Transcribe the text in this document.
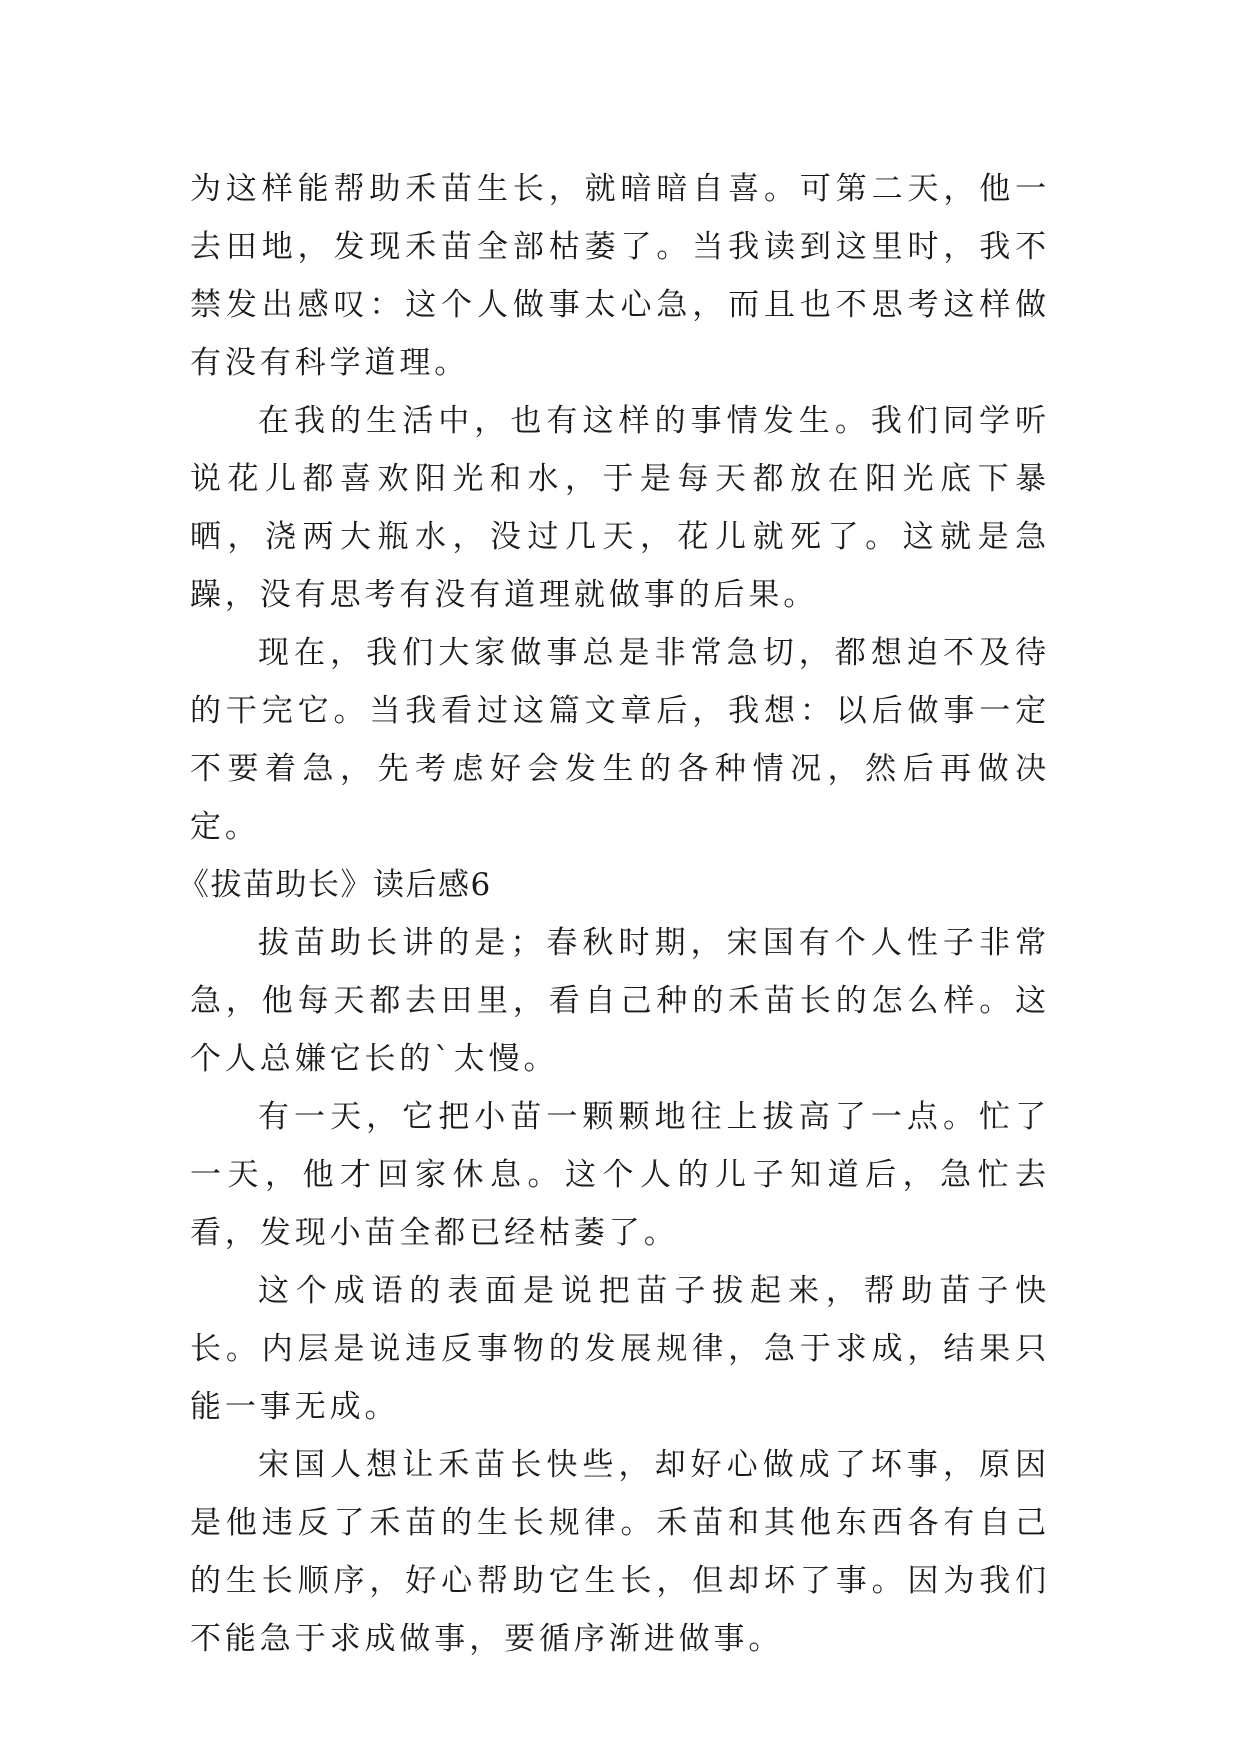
为这样能帮助禾苗生长，就暗暗自喜。可第二天，他一去田地，发现禾苗全部枯萎了。当我读到这里时，我不禁发出感叹：这个人做事太心急，而且也不思考这样做有没有科学道理。

在我的生活中，也有这样的事情发生。我们同学听说花儿都喜欢阳光和水，于是每天都放在阳光底下暴晒，浇两大瓶水，没过几天，花儿就死了。这就是急躁，没有思考有没有道理就做事的后果。

现在，我们大家做事总是非常急切，都想迫不及待的干完它。当我看过这篇文章后，我想：以后做事一定不要着急，先考虑好会发生的各种情况，然后再做决定。

《拔苗助长》读后感6

拔苗助长讲的是；春秋时期，宋国有个人性子非常急，他每天都去田里，看自己种的禾苗长的怎么样。这个人总嫌它长的`太慢。

有一天，它把小苗一颗颗地往上拔高了一点。忙了一天，他才回家休息。这个人的儿子知道后，急忙去看，发现小苗全都已经枯萎了。

这个成语的表面是说把苗子拔起来，帮助苗子快长。内层是说违反事物的发展规律，急于求成，结果只能一事无成。

宋国人想让禾苗长快些，却好心做成了坏事，原因是他违反了禾苗的生长规律。禾苗和其他东西各有自己的生长顺序，好心帮助它生长，但却坏了事。因为我们不能急于求成做事，要循序渐进做事。
